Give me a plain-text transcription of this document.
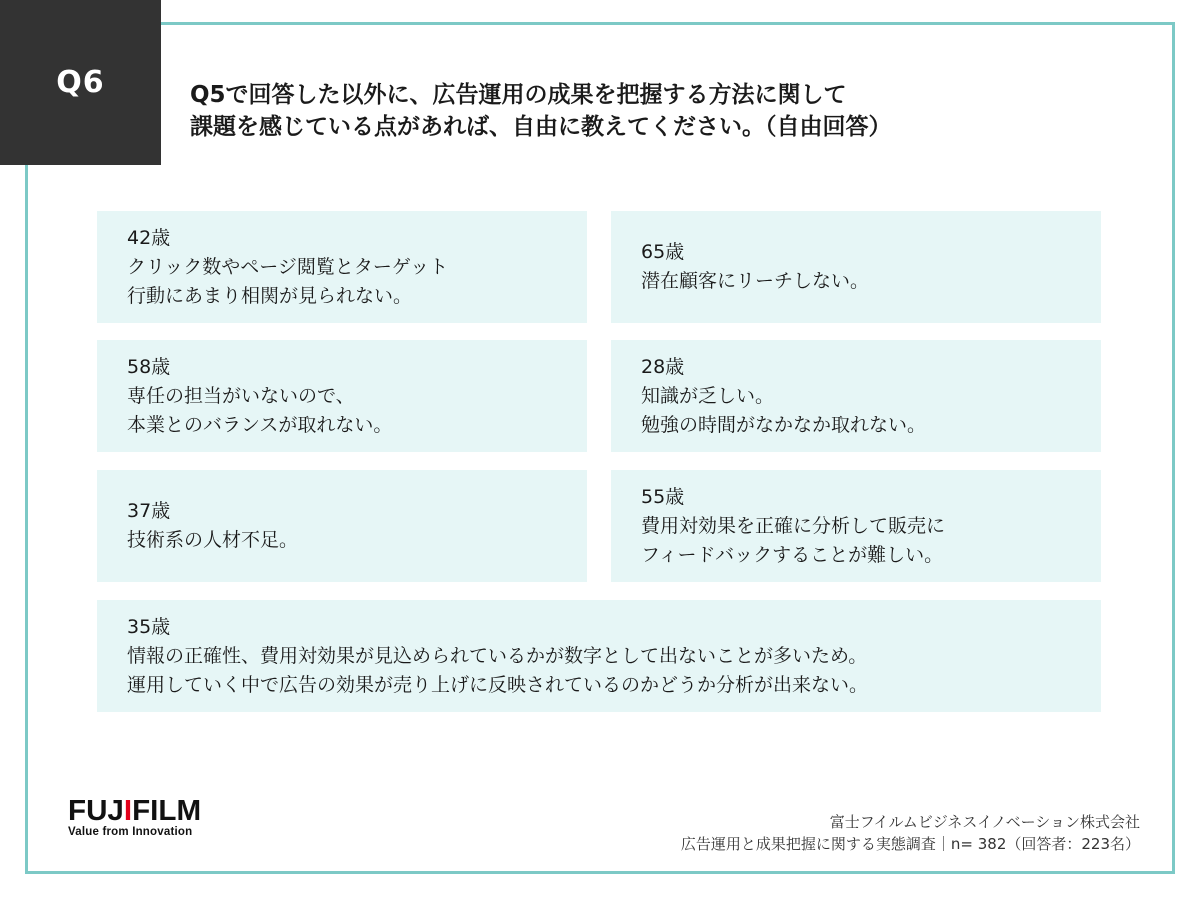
Q6	Q5で回答した以外に、広告運用の成果を把握する方法に関して
課題を感じている点があれば、自由に教えてください。（自由回答）
42歳
クリック数やページ閲覧とターゲット
行動にあまり相関が見られない。
65歳
潜在顧客にリーチしない。
58歳
専任の担当がいないので、
本業とのバランスが取れない。
28歳
知識が乏しい。
勉強の時間がなかなか取れない。
37歳
技術系の人材不足。
55歳
費用対効果を正確に分析して販売に
フィードバックすることが難しい。
35歳
情報の正確性、費用対効果が見込められているかが数字として出ないことが多いため。
運用していく中で広告の効果が売り上げに反映されているのかどうか分析が出来ない。
FUJIFILM
Value from Innovation
富士フイルムビジネスイノベーション株式会社
広告運用と成果把握に関する実態調査｜n= 382（回答者：223名）
